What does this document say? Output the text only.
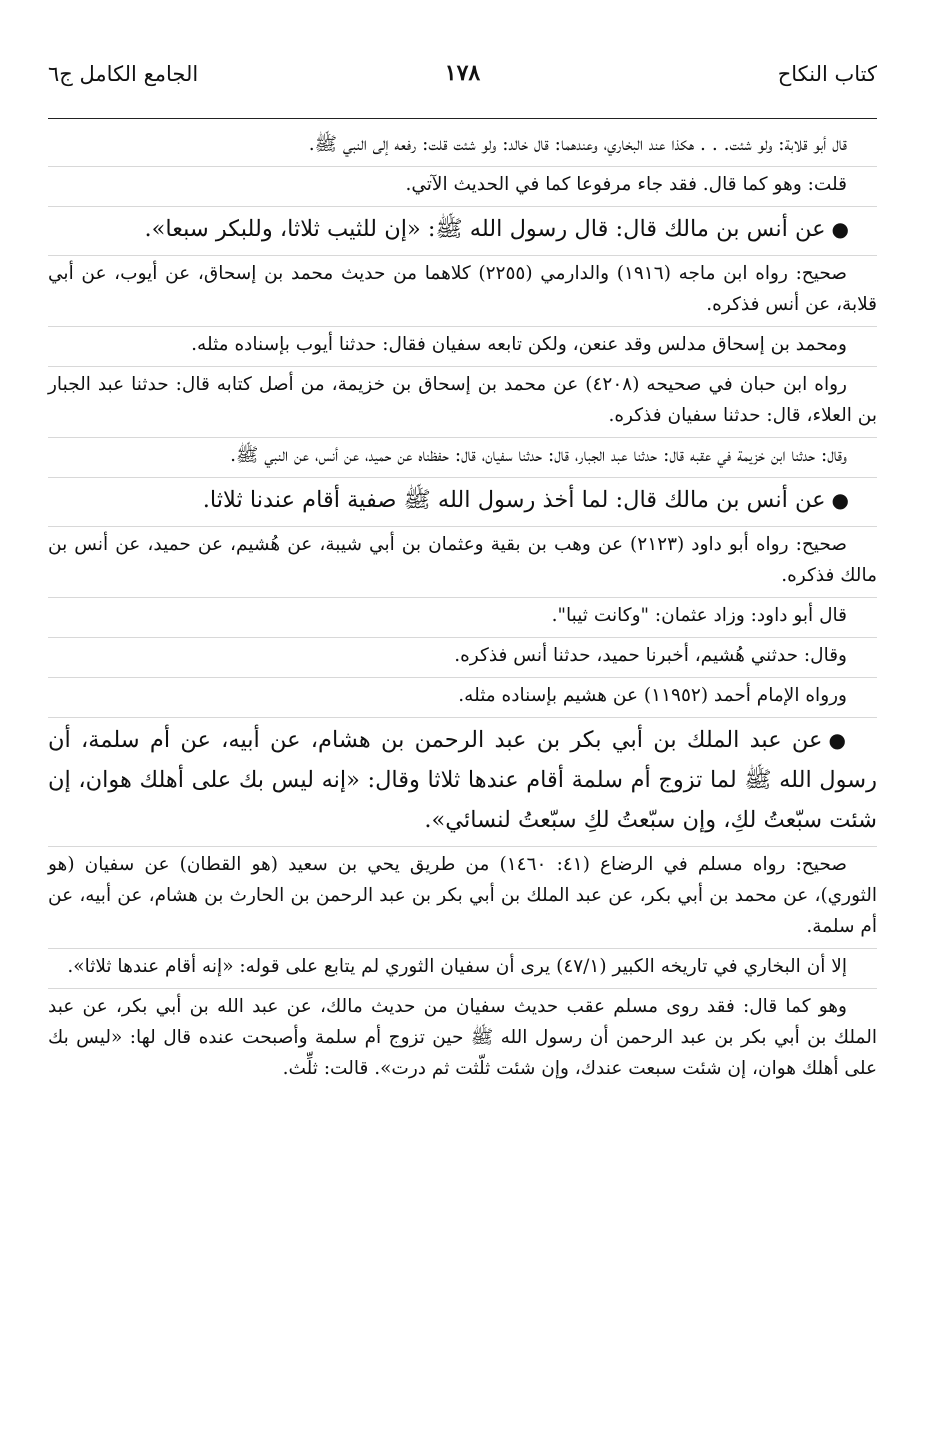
كتاب النكاح
١٧٨
الجامع الكامل ج٦

قال أبو قلابة: ولو شئت. . . هكذا عند البخاري، وعندهما: قال خالد: ولو شئت قلت: رفعه إلى النبي ﷺ.

قلت: وهو كما قال. فقد جاء مرفوعا كما في الحديث الآتي.

●عن أنس بن مالك قال: قال رسول الله ﷺ: «إن للثيب ثلاثا، وللبكر سبعا».

صحيح: رواه ابن ماجه (١٩١٦) والدارمي (٢٢٥٥) كلاهما من حديث محمد بن إسحاق، عن أيوب، عن أبي قلابة، عن أنس فذكره.

ومحمد بن إسحاق مدلس وقد عنعن، ولكن تابعه سفيان فقال: حدثنا أيوب بإسناده مثله.

رواه ابن حبان في صحيحه (٤٢٠٨) عن محمد بن إسحاق بن خزيمة، من أصل كتابه قال: حدثنا عبد الجبار بن العلاء، قال: حدثنا سفيان فذكره.

وقال: حدثنا ابن خزيمة في عقبه قال: حدثنا عبد الجبار، قال: حدثنا سفيان، قال: حفظناه عن حميد، عن أنس، عن النبي ﷺ.

●عن أنس بن مالك قال: لما أخذ رسول الله ﷺ صفية أقام عندنا ثلاثا.

صحيح: رواه أبو داود (٢١٢٣) عن وهب بن بقية وعثمان بن أبي شيبة، عن هُشيم، عن حميد، عن أنس بن مالك فذكره.

قال أبو داود: وزاد عثمان: "وكانت ثيبا".

وقال: حدثني هُشيم، أخبرنا حميد، حدثنا أنس فذكره.

ورواه الإمام أحمد (١١٩٥٢) عن هشيم بإسناده مثله.

●عن عبد الملك بن أبي بكر بن عبد الرحمن بن هشام، عن أبيه، عن أم سلمة، أن رسول الله ﷺ لما تزوج أم سلمة أقام عندها ثلاثا وقال: «إنه ليس بك على أهلك هوان، إن شئت سبّعتُ لكِ، وإن سبّعتُ لكِ سبّعتُ لنسائي».

صحيح: رواه مسلم في الرضاع (٤١: ١٤٦٠) من طريق يحي بن سعيد (هو القطان) عن سفيان (هو الثوري)، عن محمد بن أبي بكر، عن عبد الملك بن أبي بكر بن عبد الرحمن بن الحارث بن هشام، عن أبيه، عن أم سلمة.

إلا أن البخاري في تاريخه الكبير (٤٧/١) يرى أن سفيان الثوري لم يتابع على قوله: «إنه أقام عندها ثلاثا».

وهو كما قال: فقد روى مسلم عقب حديث سفيان من حديث مالك، عن عبد الله بن أبي بكر، عن عبد الملك بن أبي بكر بن عبد الرحمن أن رسول الله ﷺ حين تزوج أم سلمة وأصبحت عنده قال لها: «ليس بك على أهلك هوان، إن شئت سبعت عندك، وإن شئت ثلّثت ثم درت». قالت: ثلِّث.
